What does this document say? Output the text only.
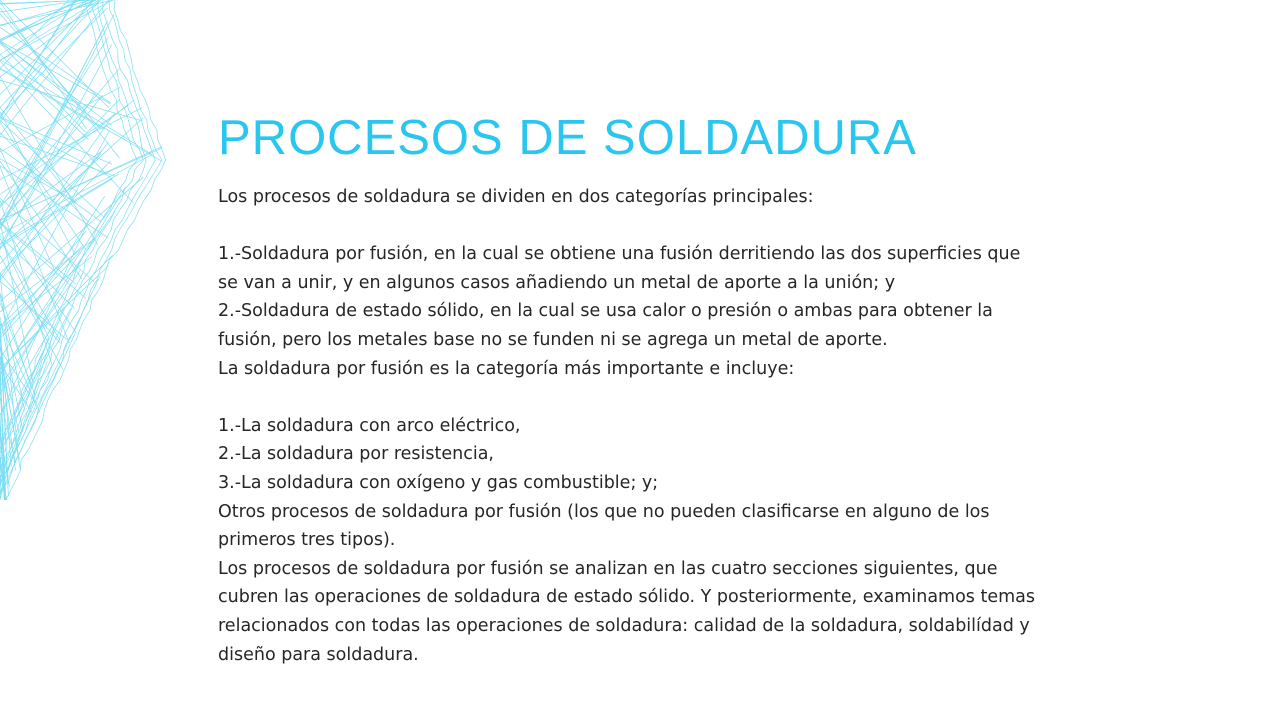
PROCESOS DE SOLDADURA
Los procesos de soldadura se dividen en dos categorías principales:
1.-Soldadura por fusión, en la cual se obtiene una fusión derritiendo las dos superficies que
se van a unir, y en algunos casos añadiendo un metal de aporte a la unión; y
2.-Soldadura de estado sólido, en la cual se usa calor o presión o ambas para obtener la
fusión, pero los metales base no se funden ni se agrega un metal de aporte.
La soldadura por fusión es la categoría más importante e incluye:
1.-La soldadura con arco eléctrico,
2.-La soldadura por resistencia,
3.-La soldadura con oxígeno y gas combustible; y;
Otros procesos de soldadura por fusión (los que no pueden clasificarse en alguno de los
primeros tres tipos).
Los procesos de soldadura por fusión se analizan en las cuatro secciones siguientes, que
cubren las operaciones de soldadura de estado sólido. Y posteriormente, examinamos temas
relacionados con todas las operaciones de soldadura: calidad de la soldadura, soldabilídad y
diseño para soldadura.
